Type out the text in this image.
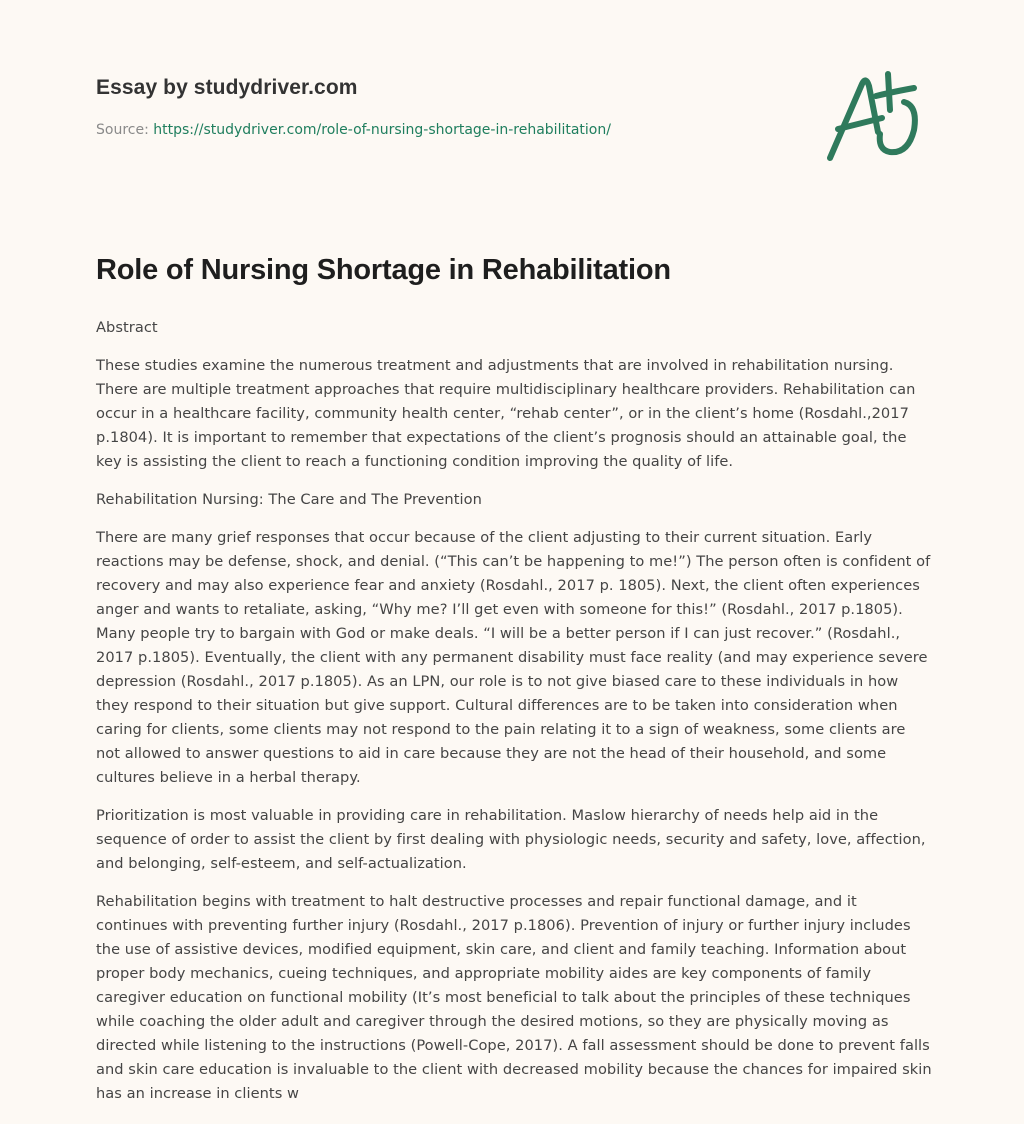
Essay by studydriver.com
Source: https://studydriver.com/role-of-nursing-shortage-in-rehabilitation/
Role of Nursing Shortage in Rehabilitation

Abstract

These studies examine the numerous treatment and adjustments that are involved in rehabilitation nursing. There are multiple treatment approaches that require multidisciplinary healthcare providers. Rehabilitation can occur in a healthcare facility, community health center, “rehab center”, or in the client’s home (Rosdahl.,2017 p.1804). It is important to remember that expectations of the client’s prognosis should an attainable goal, the key is assisting the client to reach a functioning condition improving the quality of life.

Rehabilitation Nursing: The Care and The Prevention

There are many grief responses that occur because of the client adjusting to their current situation. Early reactions may be defense, shock, and denial. (“This can’t be happening to me!”) The person often is confident of recovery and may also experience fear and anxiety (Rosdahl., 2017 p. 1805). Next, the client often experiences anger and wants to retaliate, asking, “Why me? I’ll get even with someone for this!” (Rosdahl., 2017 p.1805). Many people try to bargain with God or make deals. “I will be a better person if I can just recover.” (Rosdahl., 2017 p.1805). Eventually, the client with any permanent disability must face reality (and may experience severe depression (Rosdahl., 2017 p.1805). As an LPN, our role is to not give biased care to these individuals in how they respond to their situation but give support. Cultural differences are to be taken into consideration when caring for clients, some clients may not respond to the pain relating it to a sign of weakness, some clients are not allowed to answer questions to aid in care because they are not the head of their household, and some cultures believe in a herbal therapy.

Prioritization is most valuable in providing care in rehabilitation. Maslow hierarchy of needs help aid in the sequence of order to assist the client by first dealing with physiologic needs, security and safety, love, affection, and belonging, self-esteem, and self-actualization.

Rehabilitation begins with treatment to halt destructive processes and repair functional damage, and it continues with preventing further injury (Rosdahl., 2017 p.1806). Prevention of injury or further injury includes the use of assistive devices, modified equipment, skin care, and client and family teaching. Information about proper body mechanics, cueing techniques, and appropriate mobility aides are key components of family caregiver education on functional mobility (It’s most beneficial to talk about the principles of these techniques while coaching the older adult and caregiver through the desired motions, so they are physically moving as directed while listening to the instructions (Powell-Cope, 2017). A fall assessment should be done to prevent falls and skin care education is invaluable to the client with decreased mobility because the chances for impaired skin has an increase in clients w
